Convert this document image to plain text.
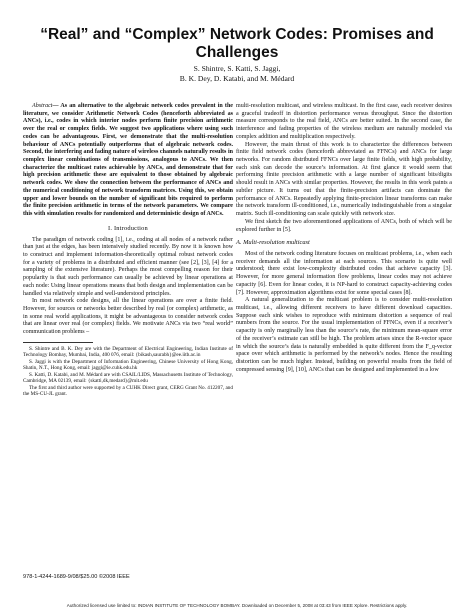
“Real” and “Complex” Network Codes: Promises and
Challenges
S. Shintre, S. Katti, S. Jaggi,
B. K. Dey, D. Katabi, and M. Médard

Abstract— As an alternative to the algebraic network codes prevalent in the literature, we consider Arithmetic Network Codes (henceforth abbreviated as ANCs), i.e., codes in which interior nodes perform finite precision arithmetic over the real or complex fields. We suggest two applications where using such codes can be advantageous. First, we demonstrate that the multi-resolution behaviour of ANCs potentially outperforms that of algebraic network codes. Second, the interfering and fading nature of wireless channels naturally results in complex linear combinations of transmissions, analogous to ANCs. We then characterize the multicast rates achievable by ANCs, and demonstrate that for high precision arithmetic these are equivalent to those obtained by algebraic network codes. We show the connection between the performance of ANCs and the numerical conditioning of network transform matrices. Using this, we obtain upper and lower bounds on the number of significant bits required to perform the finite precision arithmetic in terms of the network parameters. We compare this with simulation results for randomized and deterministic design of ANCs.

I. Introduction

The paradigm of network coding [1], i.e., coding at all nodes of a network rather than just at the edges, has been intensively studied recently. By now it is known how to construct and implement information-theoretically optimal robust network codes for a variety of problems in a distributed and efficient manner (see [2], [3], [4] for a sampling of the extensive literature). Perhaps the most compelling reason for their popularity is that such performance can usually be achieved by linear operations at each node: Using linear operations means that both design and implementation can be handled via relatively simple and well-understood principles.

In most network code designs, all the linear operations are over a finite field. However, for sources or networks better described by real (or complex) arithmetic, as in some real world applications, it might be advantageous to consider network codes that are linear over real (or complex) fields. We motivate ANCs via two “real world” communication problems –

S. Shintre and B. K. Dey are with the Department of Electrical Engineering, Indian Institute of Technology Bombay, Mumbai, India, 400 076, email: {bikash,saurabh}@ee.iitb.ac.in

S. Jaggi is with the Department of Information Engineering, Chinese University of Hong Kong, Shatin, N.T., Hong Kong, email: jaggi@ie.cuhk.edu.hk

S. Katti, D. Katabi, and M. Médard are with CSAIL/LIDS, Massachusetts Institute of Technology, Cambridge, MA 02139, email: {skatti,dk,medard}@mit.edu

The first and third author were supported by a CUHK Direct grant, CERG Grant No. 412207, and the MS-CU-JL grant.

multi-resolution multicast, and wireless multicast. In the first case, each receiver desires a graceful tradeoff in distortion performance versus throughput. Since the distortion measure corresponds to the real field, ANCs are better suited. In the second case, the interference and fading properties of the wireless medium are naturally modeled via complex addition and multiplication respectively.

However, the main thrust of this work is to characterize the differences between finite field network codes (henceforth abbreviated as FFNCs) and ANCs for large networks. For random distributed FFNCs over large finite fields, with high probability, each sink can decode the source’s information. At first glance it would seem that performing finite precision arithmetic with a large number of significant bits/digits should result in ANCs with similar properties. However, the results in this work paints a subtler picture. It turns out that the finite-precision artifacts can dominate the performance of ANCs. Repeatedly applying finite-precision linear transforms can make the network transform ill-conditioned, i.e., numerically indistinguishable from a singular matrix. Such ill-conditioning can scale quickly with network size.

We first sketch the two aforementioned applications of ANCs, both of which will be explored further in [5].

A. Multi-resolution multicast

Most of the network coding literature focuses on multicast problems, i.e., when each receiver demands all the information at each sources. This scenario is quite well understood; there exist low-complexity distributed codes that achieve capacity [3]. However, for more general information flow problems, linear codes may not achieve capacity [6]. Even for linear codes, it is NP-hard to construct capacity-achieving codes [7]. However, approximation algorithms exist for some special cases [8].

A natural generalization to the multicast problem is to consider multi-resolution multicast, i.e., allowing different receivers to have different download capacities. Suppose each sink wishes to reproduce with minimum distortion a sequence of real numbers from the source. For the usual implementation of FFNCs, even if a receiver’s capacity is only marginally less than the source’s rate, the minimum mean-square error of the receiver’s estimate can still be high. The problem arises since the R-vector space in which the source’s data is naturally embedded is quite different from the F_q-vector space over which arithmetic is performed by the network’s nodes. Hence the resulting distortion can be much higher. Instead, building on powerful results from the field of compressed sensing [9], [10], ANCs that can be designed and implemented in a low

978-1-4244-1689-9/08/$25.00 ©2008 IEEE
Authorized licensed use limited to: INDIAN INSTITUTE OF TECHNOLOGY BOMBAY. Downloaded on December 5, 2008 at 03:43 from IEEE Xplore. Restrictions apply.
